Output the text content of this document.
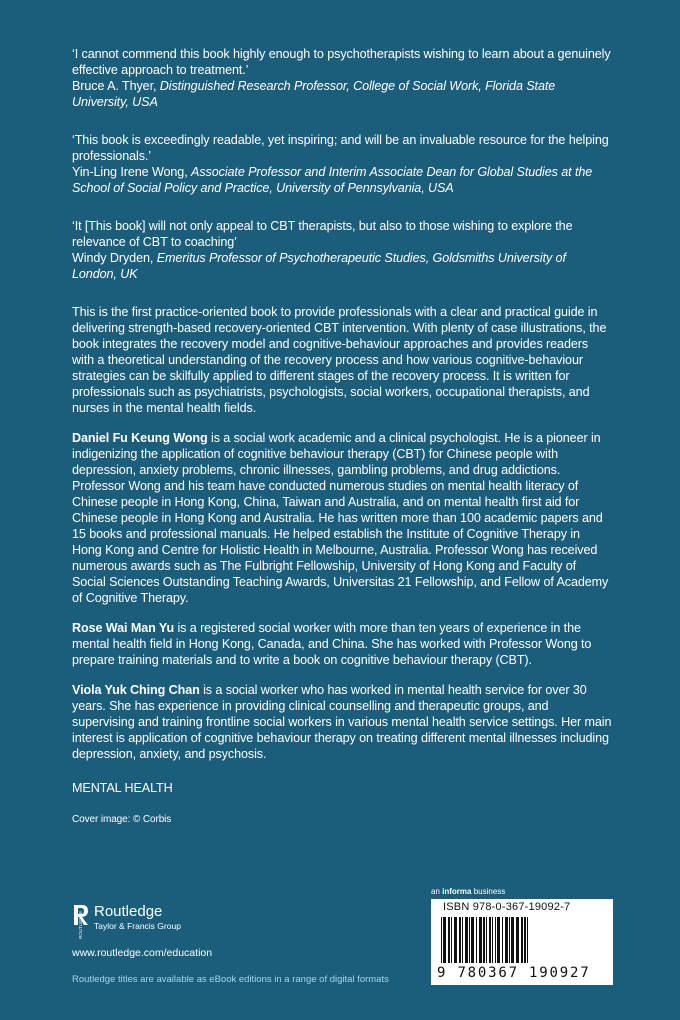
‘I cannot commend this book highly enough to psychotherapists wishing to learn about a genuinely effective approach to treatment.’

Bruce A. Thyer, Distinguished Research Professor, College of Social Work, Florida State University, USA

‘This book is exceedingly readable, yet inspiring; and will be an invaluable resource for the helping professionals.’

Yin-Ling Irene Wong, Associate Professor and Interim Associate Dean for Global Studies at the School of Social Policy and Practice, University of Pennsylvania, USA

‘It [This book] will not only appeal to CBT therapists, but also to those wishing to explore the relevance of CBT to coaching’

Windy Dryden, Emeritus Professor of Psychotherapeutic Studies, Goldsmiths University of London, UK

This is the first practice-oriented book to provide professionals with a clear and practical guide in delivering strength-based recovery-oriented CBT intervention. With plenty of case illustrations, the book integrates the recovery model and cognitive-behaviour approaches and provides readers with a theoretical understanding of the recovery process and how various cognitive-behaviour strategies can be skilfully applied to different stages of the recovery process. It is written for professionals such as psychiatrists, psychologists, social workers, occupational therapists, and nurses in the mental health fields.

Daniel Fu Keung Wong is a social work academic and a clinical psychologist. He is a pioneer in indigenizing the application of cognitive behaviour therapy (CBT) for Chinese people with depression, anxiety problems, chronic illnesses, gambling problems, and drug addictions. Professor Wong and his team have conducted numerous studies on mental health literacy of Chinese people in Hong Kong, China, Taiwan and Australia, and on mental health first aid for Chinese people in Hong Kong and Australia. He has written more than 100 academic papers and 15 books and professional manuals. He helped establish the Institute of Cognitive Therapy in Hong Kong and Centre for Holistic Health in Melbourne, Australia. Professor Wong has received numerous awards such as The Fulbright Fellowship, University of Hong Kong and Faculty of Social Sciences Outstanding Teaching Awards, Universitas 21 Fellowship, and Fellow of Academy of Cognitive Therapy.

Rose Wai Man Yu is a registered social worker with more than ten years of experience in the mental health field in Hong Kong, Canada, and China. She has worked with Professor Wong to prepare training materials and to write a book on cognitive behaviour therapy (CBT).

Viola Yuk Ching Chan is a social worker who has worked in mental health service for over 30 years. She has experience in providing clinical counselling and therapeutic groups, and supervising and training frontline social workers in various mental health service settings. Her main interest is application of cognitive behaviour therapy on treating different mental illnesses including depression, anxiety, and psychosis.

MENTAL HEALTH
Cover image: © Corbis
ROUTLEDGE Routledge
Taylor & Francis Group
www.routledge.com/education
Routledge titles are available as eBook editions in a range of digital formats
an informa business
ISBN 978-0-367-19092-7
9 780367 190927
